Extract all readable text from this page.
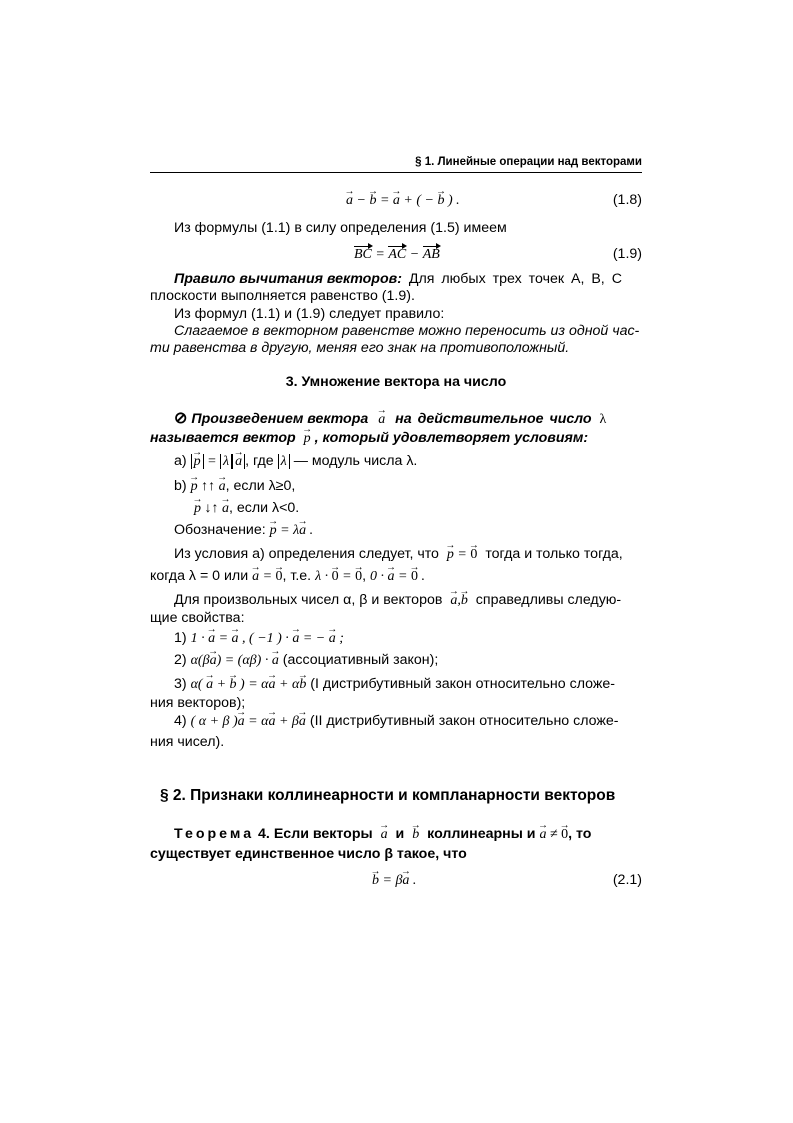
§ 1. Линейные операции над векторами
→ a − → b = → a + ( − → b ) .	(1.8)
Из формулы (1.1) в силу определения (1.5) имеем
BC = AC − AB	(1.9)
Правило вычитания векторов: Для любых трех точек A, B, C
плоскости выполняется равенство (1.9).
Из формул (1.1) и (1.9) следует правило:
Слагаемое в векторном равенстве можно переносить из одной час-
ти равенства в другую, меняя его знак на противоположный.
3. Умножение вектора на число
⊘ Произведением вектора → a на действительное число λ
называется вектор → p , который удовлетворяет условиям:
a) → p = λ → a , где λ — модуль числа λ.
b) → p ↑↑ → a, если λ≥0,
→ p ↓↑ → a, если λ<0.
Обозначение: → p = λ→ a .
Из условия а) определения следует, что → p = → 0 тогда и только тогда,
когда λ = 0 или → a = → 0, т.е. λ · → 0 = → 0, 0 · → a = → 0 .
Для произвольных чисел α, β и векторов → a,→ b справедливы следую-
щие свойства:
1) 1 · → a = → a , ( −1 ) · → a = − → a ;
2) α(β→ a) = (αβ) · → a (ассоциативный закон);
3) α( → a + → b ) = α→ a + α→ b (I дистрибутивный закон относительно сложе-
ния векторов);
4) ( α + β )→ a = α→ a + β→ a (II дистрибутивный закон относительно сложе-
ния чисел).
§ 2. Признаки коллинеарности и компланарности векторов
Теорема 4. Если векторы → a и → b коллинеарны и → a ≠ → 0, то
существует единственное число β такое, что
→ b = β→ a .	(2.1)
